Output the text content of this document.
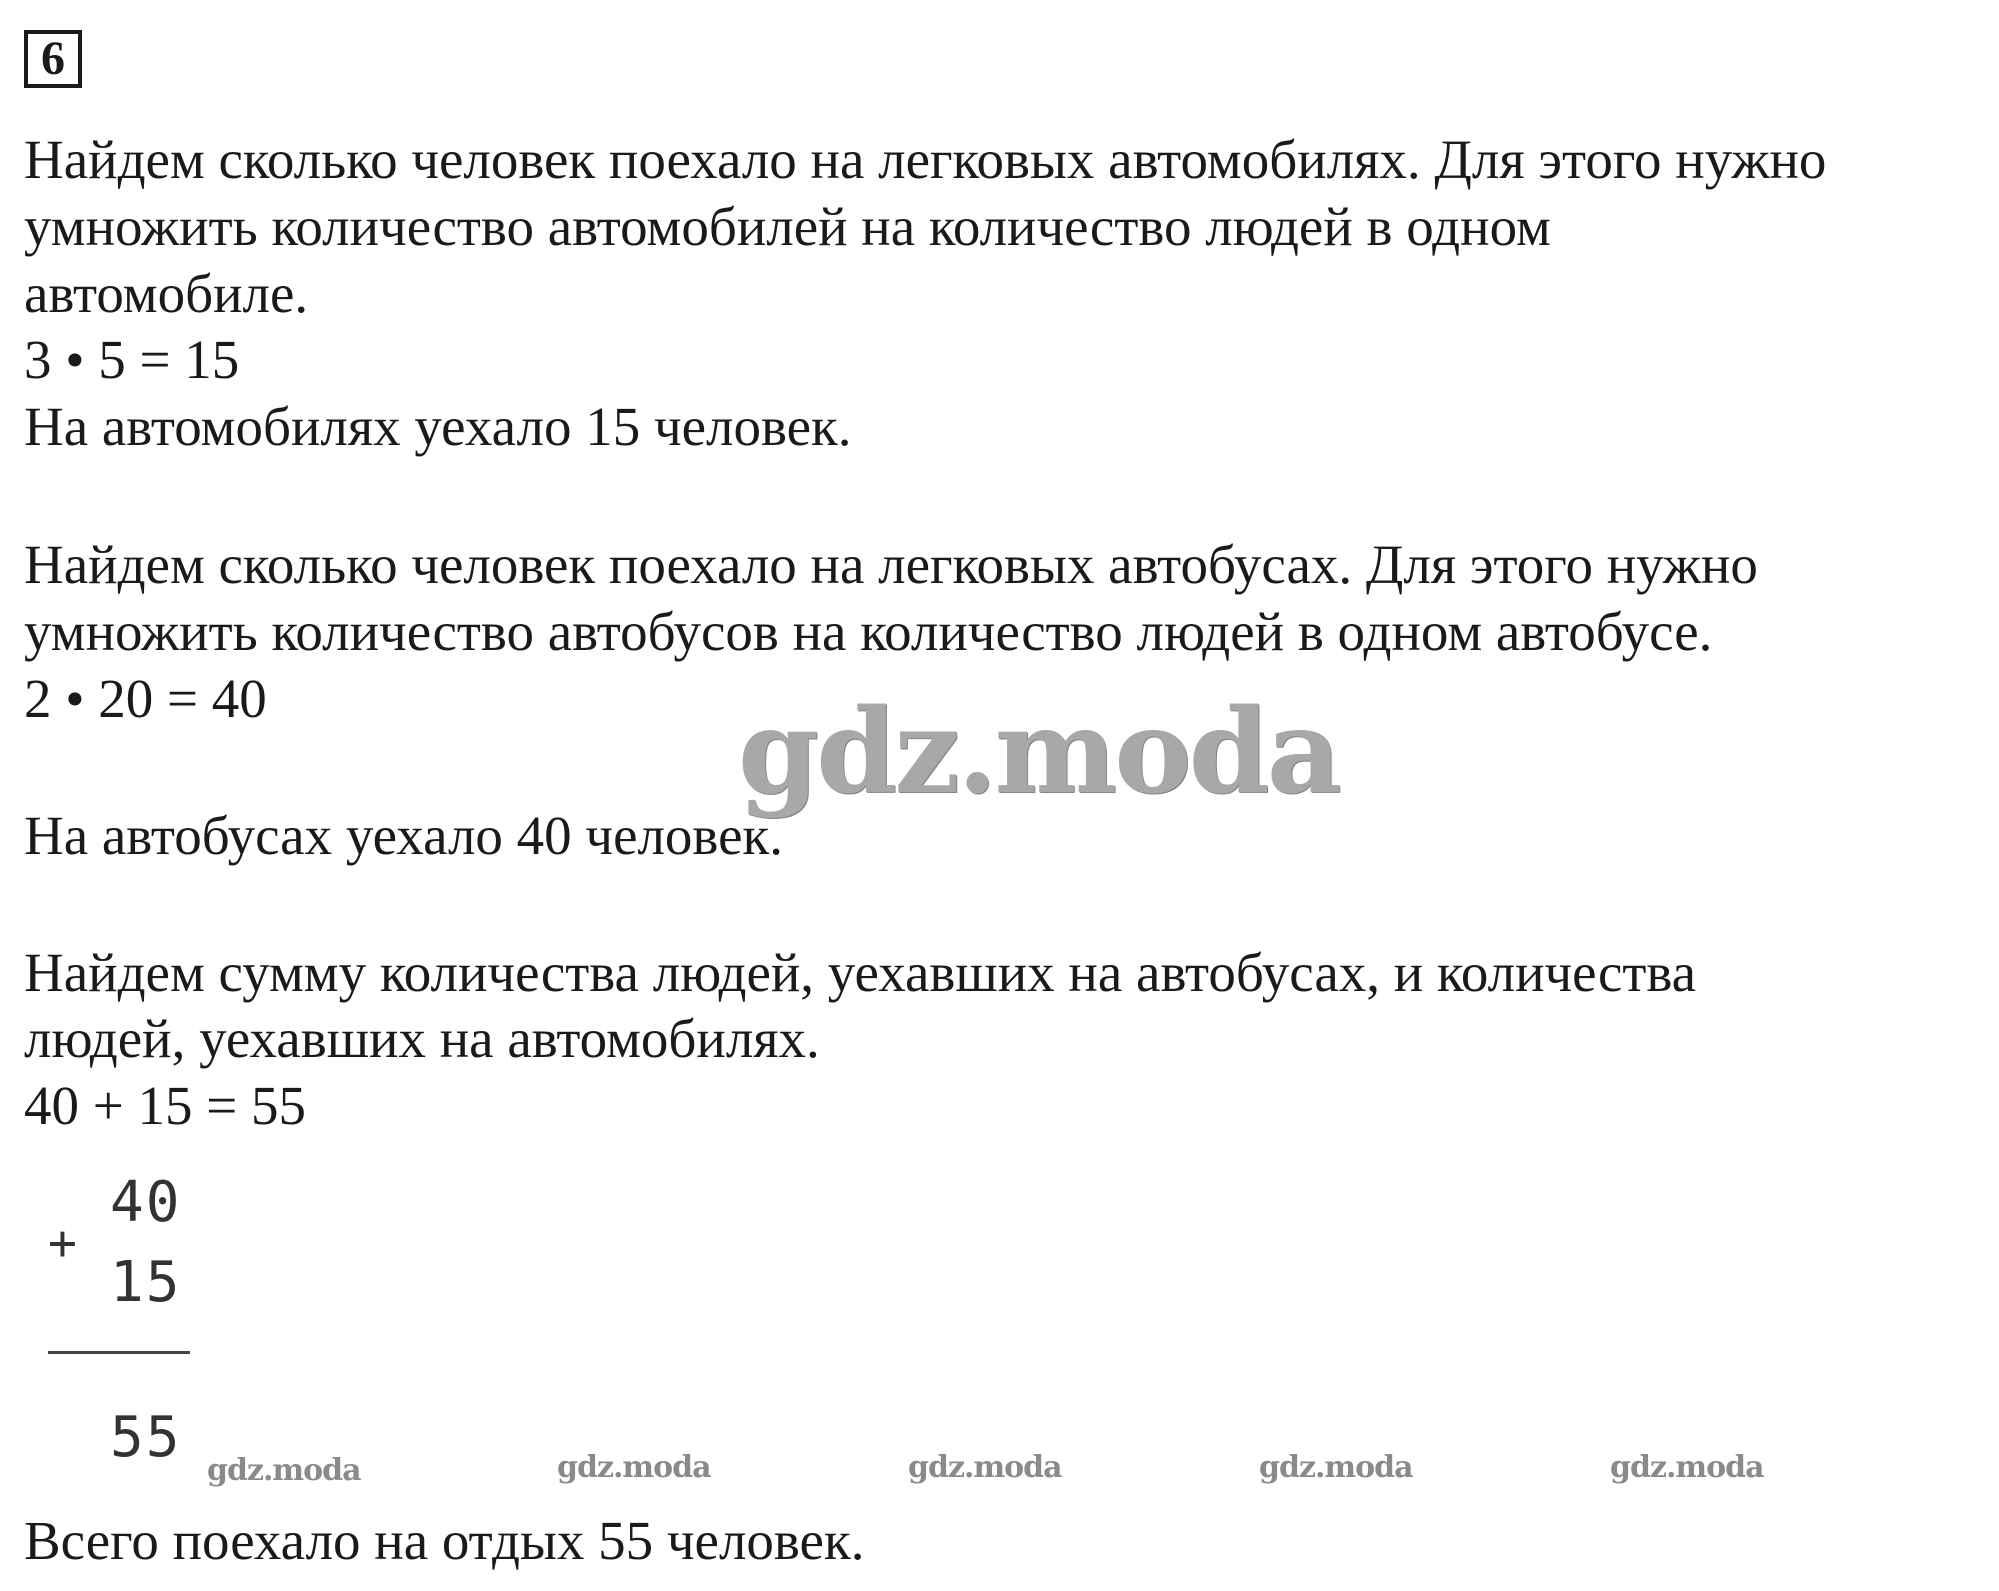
6
Найдем сколько человек поехало на легковых автомобилях. Для этого нужно
умножить количество автомобилей на количество людей в одном
автомобиле.
3 • 5 = 15
На автомобилях уехало 15 человек.
Найдем сколько человек поехало на легковых автобусах. Для этого нужно
умножить количество автобусов на количество людей в одном автобусе.
2 • 20 = 40
На автобусах уехало 40 человек.
Найдем сумму количества людей, уехавших на автобусах, и количества
людей, уехавших на автомобилях.
40 + 15 = 55
40
+
15
55
Всего поехало на отдых 55 человек.
gdz.moda
gdz.moda	gdz.moda	gdz.moda	gdz.moda	gdz.moda
